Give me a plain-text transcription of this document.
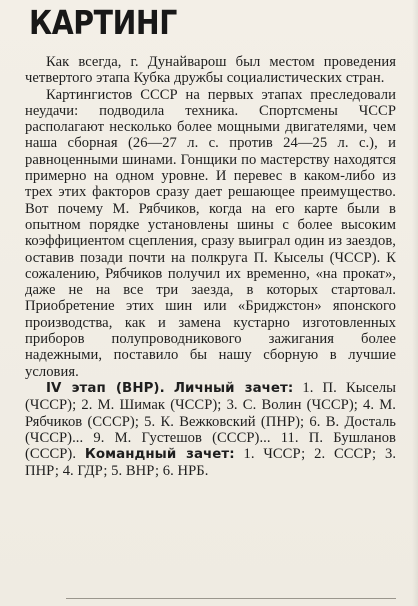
КАРТИНГ

Как всегда, г. Дунайварош был местом проведения четвертого этапа Кубка дружбы социалистических стран.

Картингистов СССР на первых этапах преследовали неудачи: подводила техника. Спортсмены ЧССР располагают несколько более мощными двигателями, чем наша сборная (26—27 л. с. против 24—25 л. с.), и равноценными шинами. Гонщики по мастерству находятся примерно на одном уровне. И перевес в каком-либо из трех этих факторов сразу дает решающее преимущество. Вот почему М. Рябчиков, когда на его карте были в опытном порядке установлены шины с более высоким коэффициентом сцепления, сразу выиграл один из заездов, оставив позади почти на полкруга П. Кыселы (ЧССР). К сожалению, Рябчиков получил их временно, «на прокат», даже не на все три заезда, в которых стартовал. Приобретение этих шин или «Бриджстон» японского производства, как и замена кустарно изготовленных приборов полупроводникового зажигания более надежными, поставило бы нашу сборную в лучшие условия.

IV этап (ВНР). Личный зачет: 1. П. Кыселы (ЧССР); 2. М. Шимак (ЧССР); 3. С. Волин (ЧССР); 4. М. Рябчиков (СССР); 5. К. Вежковский (ПНР); 6. В. Досталь (ЧССР)... 9. М. Густешов (СССР)... 11. П. Бушланов (СССР). Командный зачет: 1. ЧССР; 2. СССР; 3. ПНР; 4. ГДР; 5. ВНР; 6. НРБ.
